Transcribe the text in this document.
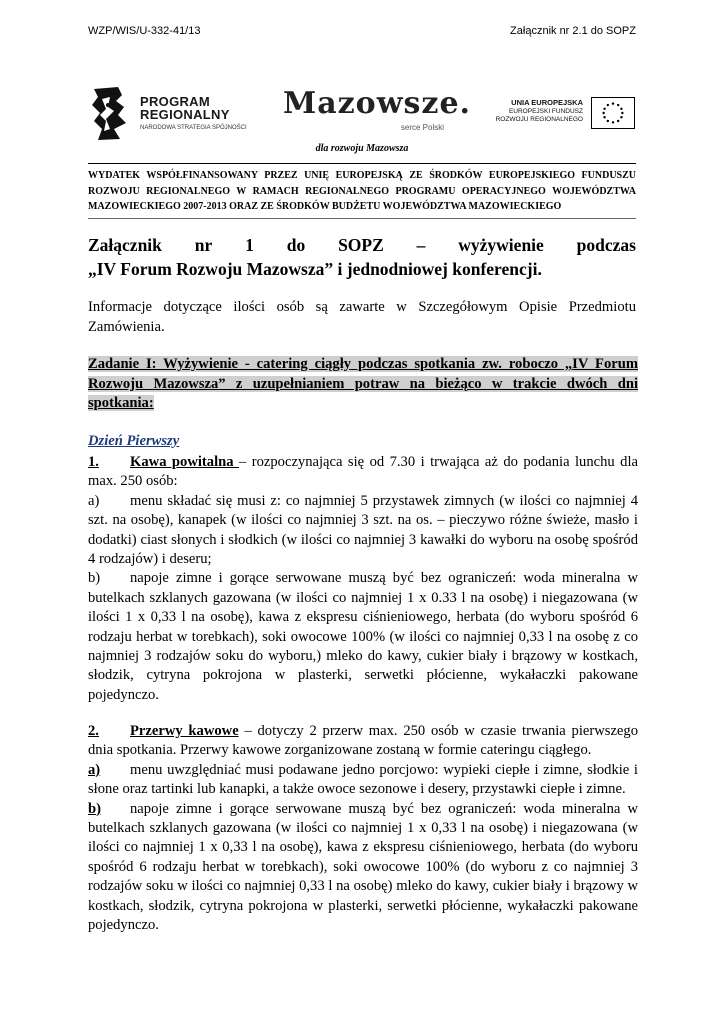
WZP/WIS/U-332-41/13	Załącznik nr 2.1 do SOPZ
PROGRAM
REGIONALNY
NARODOWA STRATEGIA SPÓJNOŚCI
Mazowsze.
serce Polski
UNIA EUROPEJSKA
EUROPEJSKI FUNDUSZ
ROZWOJU REGIONALNEGO
dla rozwoju Mazowsza
WYDATEK WSPÓŁFINANSOWANY PRZEZ UNIĘ EUROPEJSKĄ ZE ŚRODKÓW EUROPEJSKIEGO FUNDUSZU ROZWOJU REGIONALNEGO W RAMACH REGIONALNEGO PROGRAMU OPERACYJNEGO WOJEWÓDZTWA MAZOWIECKIEGO 2007-2013 ORAZ ZE ŚRODKÓW BUDŻETU WOJEWÓDZTWA MAZOWIECKIEGO
Załącznik nr 1 do SOPZ – wyżywienie podczas
„IV Forum Rozwoju Mazowsza” i jednodniowej konferencji.
Informacje dotyczące ilości osób są zawarte w Szczegółowym Opisie Przedmiotu Zamówienia.
Zadanie I: Wyżywienie - catering ciągły podczas spotkania zw. roboczo „IV Forum Rozwoju Mazowsza” z uzupełnianiem potraw na bieżąco w trakcie dwóch dni spotkania:
Dzień Pierwszy
1. Kawa powitalna – rozpoczynająca się od 7.30 i trwająca aż do podania lunchu dla max. 250 osób:
a) menu składać się musi z: co najmniej 5 przystawek zimnych (w ilości co najmniej 4 szt. na osobę), kanapek (w ilości co najmniej 3 szt. na os. – pieczywo różne świeże, masło i dodatki) ciast słonych i słodkich (w ilości co najmniej 3 kawałki do wyboru na osobę spośród 4 rodzajów) i deseru;
b) napoje zimne i gorące serwowane muszą być bez ograniczeń: woda mineralna w butelkach szklanych gazowana (w ilości co najmniej 1 x 0.33 l na osobę) i niegazowana (w ilości 1 x 0,33 l na osobę), kawa z ekspresu ciśnieniowego, herbata (do wyboru spośród 6 rodzaju herbat w torebkach), soki owocowe 100% (w ilości co najmniej 0,33 l na osobę z co najmniej 3 rodzajów soku do wyboru,) mleko do kawy, cukier biały i brązowy w kostkach, słodzik, cytryna pokrojona w plasterki, serwetki płócienne, wykałaczki pakowane pojedynczo.
2. Przerwy kawowe – dotyczy 2 przerw max. 250 osób w czasie trwania pierwszego dnia spotkania. Przerwy kawowe zorganizowane zostaną w formie cateringu ciągłego.
a) menu uwzględniać musi podawane jedno porcjowo: wypieki ciepłe i zimne, słodkie i słone oraz tartinki lub kanapki, a także owoce sezonowe i desery, przystawki ciepłe i zimne.
b) napoje zimne i gorące serwowane muszą być bez ograniczeń: woda mineralna w butelkach szklanych gazowana (w ilości co najmniej 1 x 0,33 l na osobę) i niegazowana (w ilości co najmniej 1 x 0,33 l na osobę), kawa z ekspresu ciśnieniowego, herbata (do wyboru spośród 6 rodzaju herbat w torebkach), soki owocowe 100% (do wyboru z co najmniej 3 rodzajów soku w ilości co najmniej 0,33 l na osobę) mleko do kawy, cukier biały i brązowy w kostkach, słodzik, cytryna pokrojona w plasterki, serwetki płócienne, wykałaczki pakowane pojedynczo.
